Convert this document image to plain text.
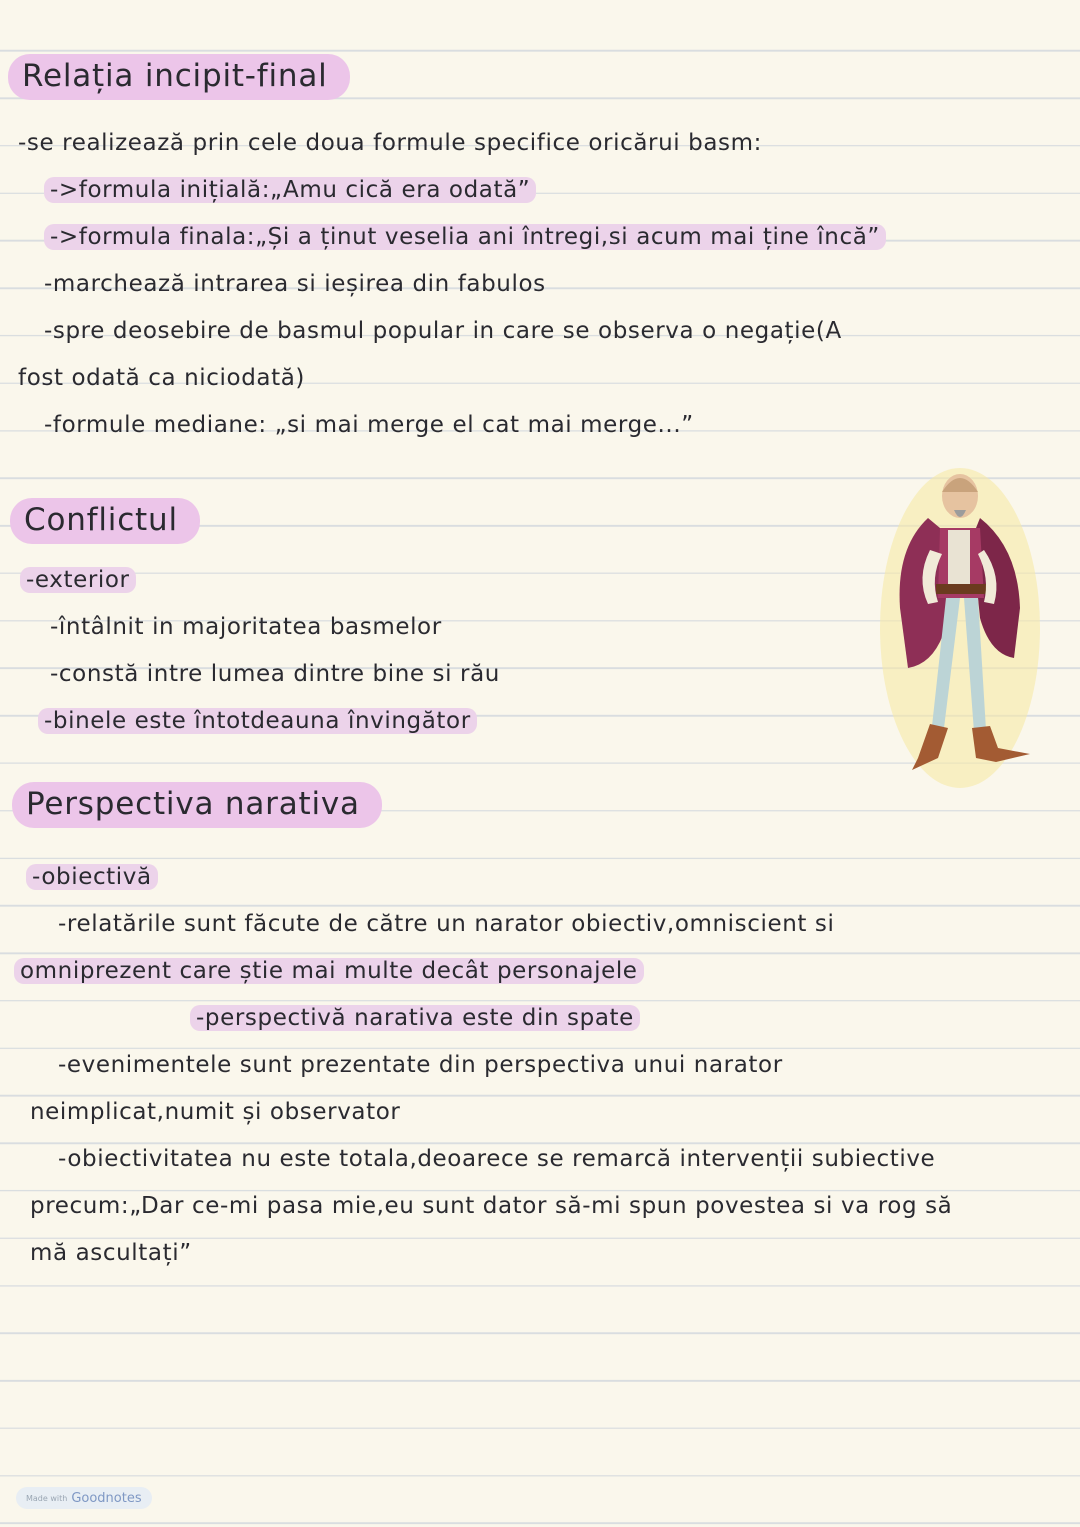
Relația incipit-final
-se realizează prin cele doua formule specifice oricărui basm:
->formula inițială:„Amu cică era odată”
->formula finala:„Și a ținut veselia ani întregi,si acum mai ține încă”
-marchează intrarea si ieșirea din fabulos
-spre deosebire de basmul popular in care se observa o negație(A
fost odată ca niciodată)
-formule mediane: „si mai merge el cat mai merge...”
Conflictul
-exterior
-întâlnit in majoritatea basmelor
-constă intre lumea dintre bine si rău
-binele este întotdeauna învingător
Perspectiva narativa
-obiectivă
-relatările sunt făcute de către un narator obiectiv,omniscient si
omniprezent care știe mai multe decât personajele
-perspectivă narativa este din spate
-evenimentele sunt prezentate din perspectiva unui narator
neimplicat,numit și observator
-obiectivitatea nu este totala,deoarece se remarcă intervenții subiective
precum:„Dar ce-mi pasa mie,eu sunt dator să-mi spun povestea si va rog să
mă ascultați”
Made with Goodnotes
